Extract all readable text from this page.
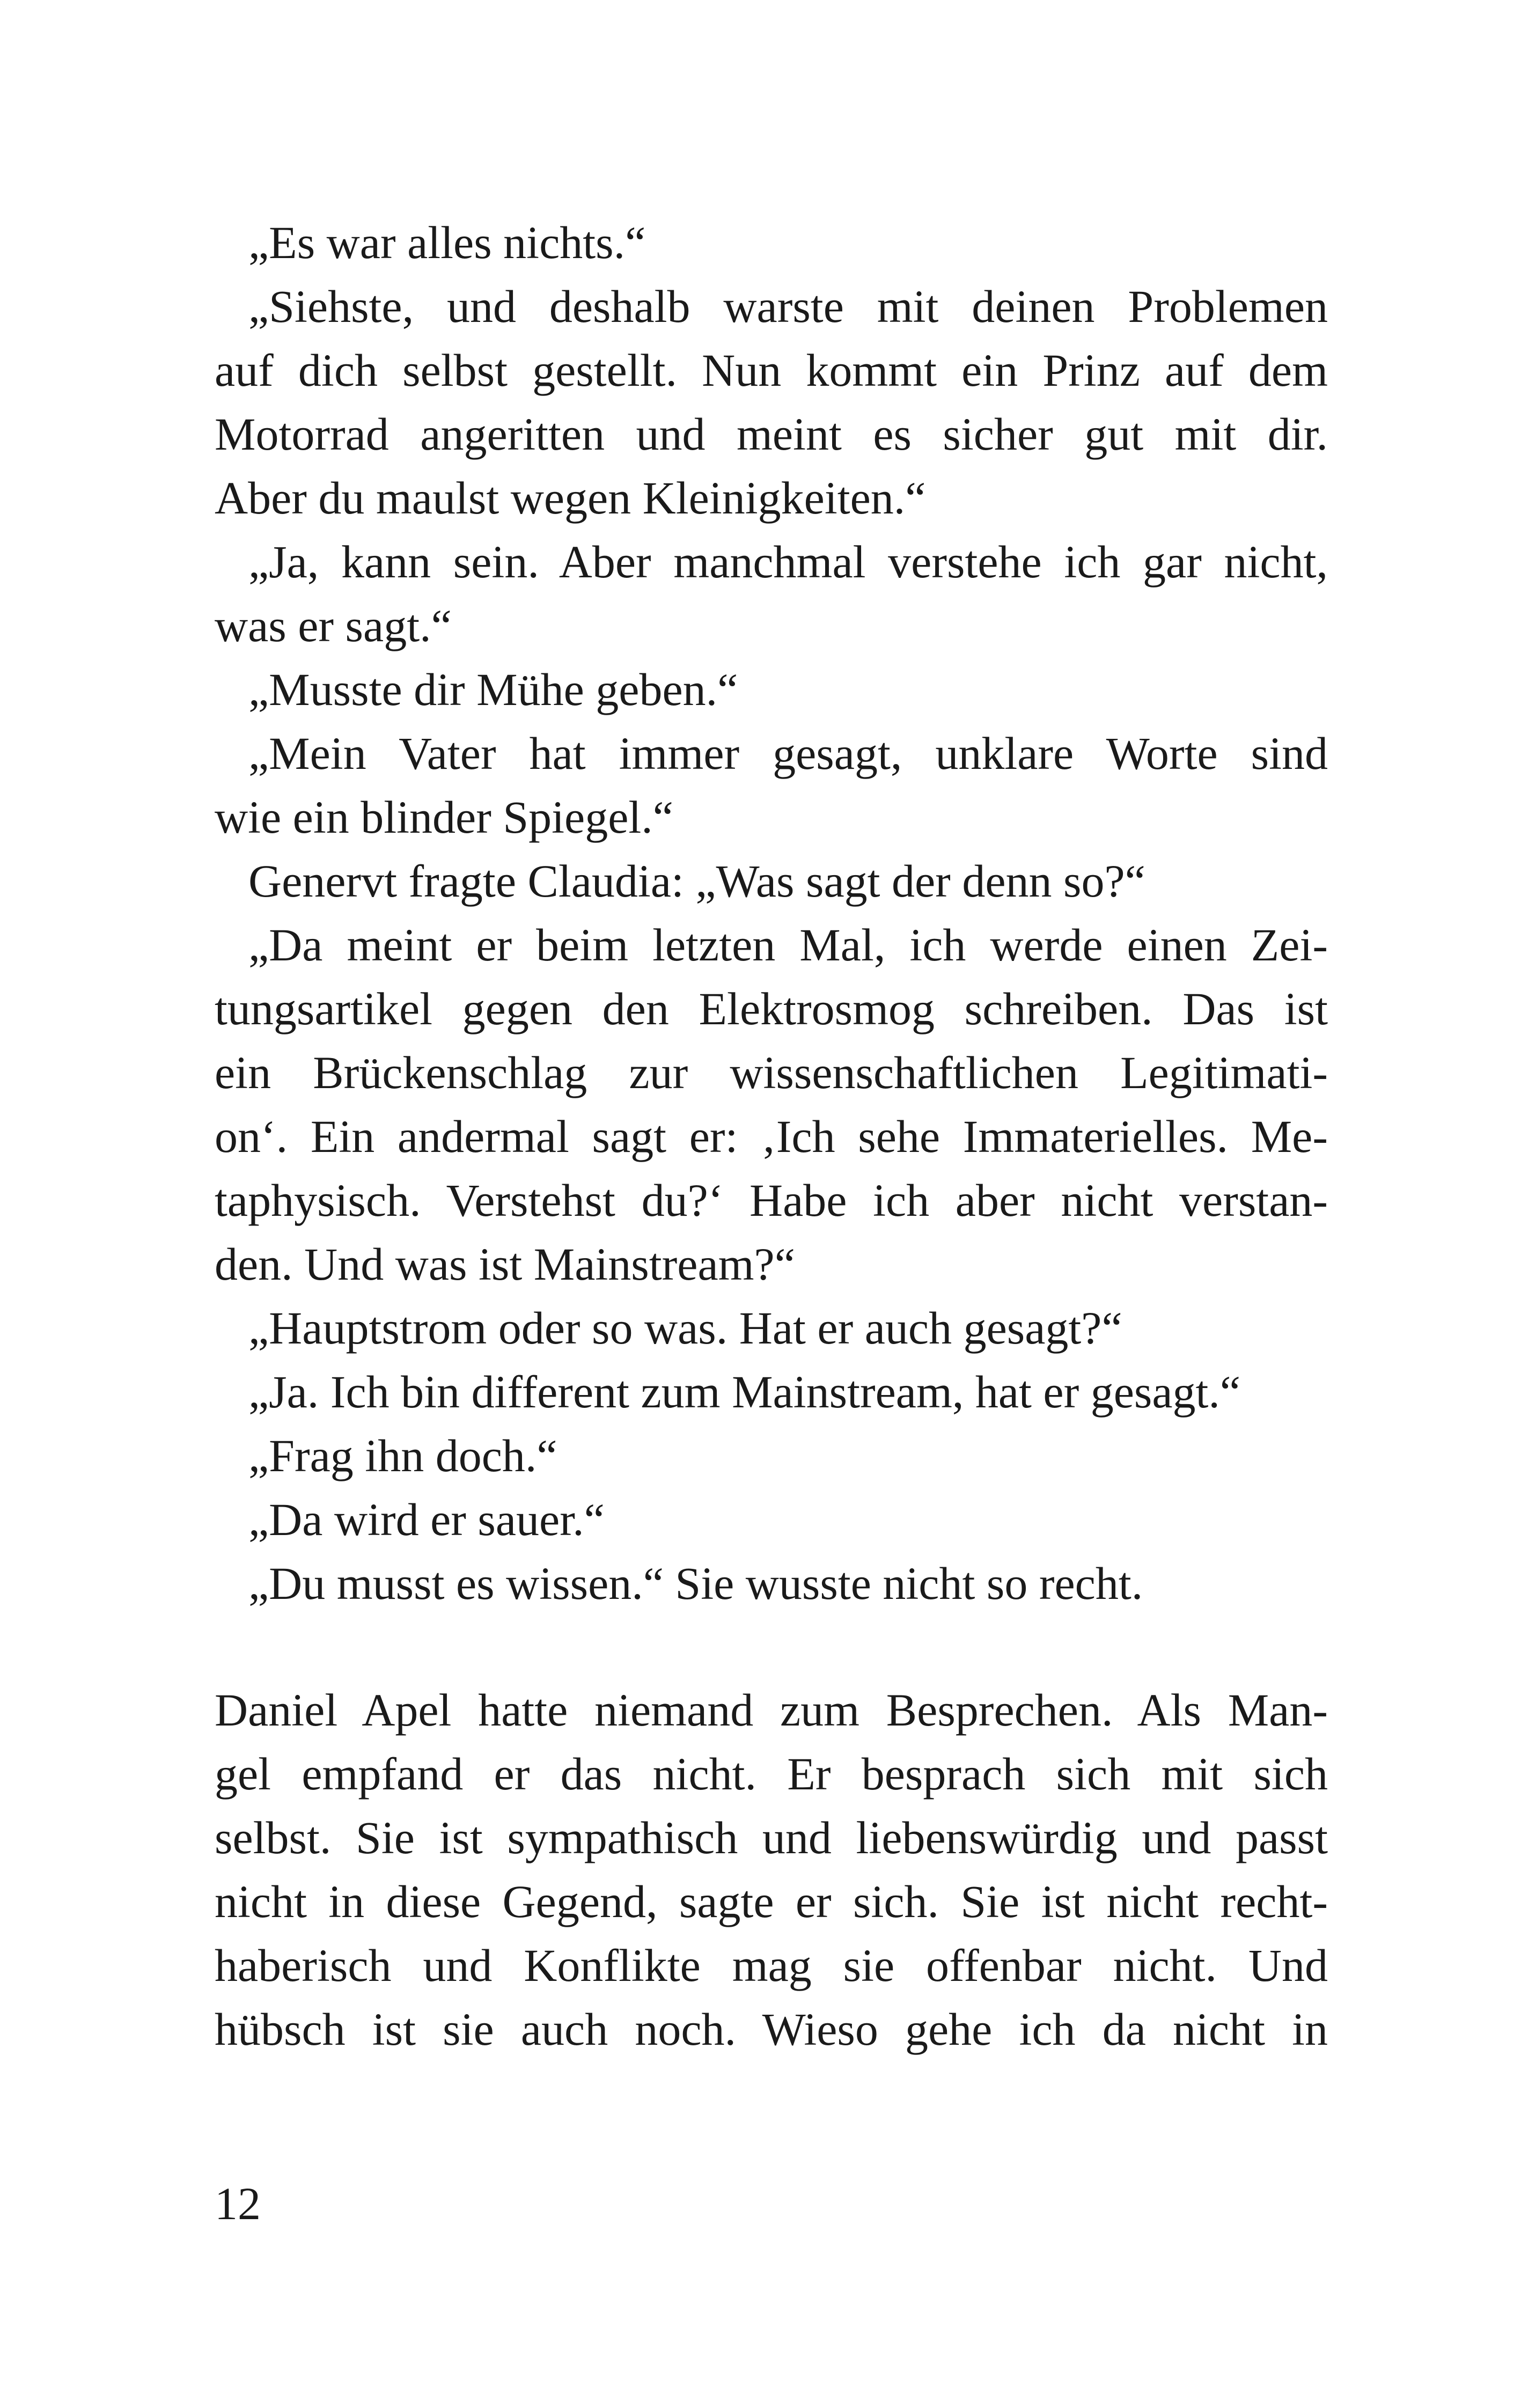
„Es war alles nichts.“
„Siehste, und deshalb warste mit deinen Problemen
auf dich selbst gestellt. Nun kommt ein Prinz auf dem
Motorrad angeritten und meint es sicher gut mit dir.
Aber du maulst wegen Kleinigkeiten.“
„Ja, kann sein. Aber manchmal verstehe ich gar nicht,
was er sagt.“
„Musste dir Mühe geben.“
„Mein Vater hat immer gesagt, unklare Worte sind
wie ein blinder Spiegel.“
Genervt fragte Claudia: „Was sagt der denn so?“
„Da meint er beim letzten Mal, ich werde einen Zei-
tungsartikel gegen den Elektrosmog schreiben. Das ist
ein Brückenschlag zur wissenschaftlichen Legitimati-
on‘. Ein andermal sagt er: ‚Ich sehe Immaterielles. Me-
taphysisch. Verstehst du?‘ Habe ich aber nicht verstan-
den. Und was ist Mainstream?“
„Hauptstrom oder so was. Hat er auch gesagt?“
„Ja. Ich bin different zum Mainstream, hat er gesagt.“
„Frag ihn doch.“
„Da wird er sauer.“
„Du musst es wissen.“ Sie wusste nicht so recht.
Daniel Apel hatte niemand zum Besprechen. Als Man-
gel empfand er das nicht. Er besprach sich mit sich
selbst. Sie ist sympathisch und liebenswürdig und passt
nicht in diese Gegend, sagte er sich. Sie ist nicht recht-
haberisch und Konflikte mag sie offenbar nicht. Und
hübsch ist sie auch noch. Wieso gehe ich da nicht in
12
